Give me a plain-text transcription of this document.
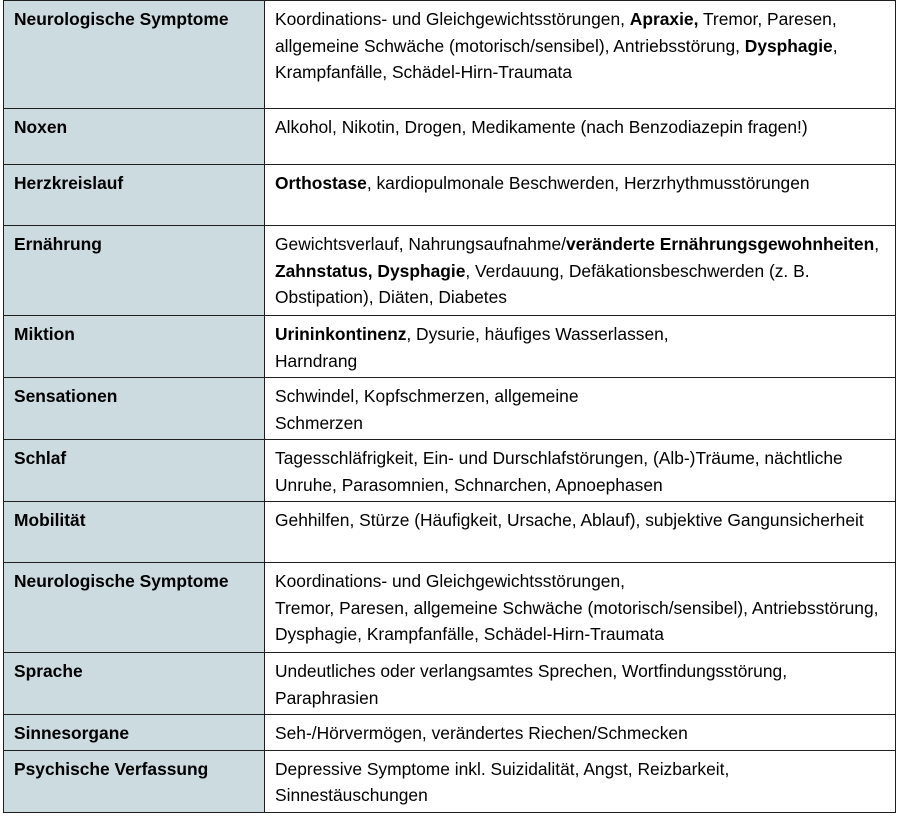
Neurologische Symptome	Koordinations- und Gleichgewichtsstörungen, Apraxie, Tremor, Paresen, allgemeine Schwäche (motorisch/sensibel), Antriebsstörung, Dysphagie, Krampfanfälle, Schädel-Hirn-Traumata
Noxen	Alkohol, Nikotin, Drogen, Medikamente (nach Benzodiazepin fragen!)
Herzkreislauf	Orthostase, kardiopulmonale Beschwerden, Herzrhythmusstörungen
Ernährung	Gewichtsverlauf, Nahrungsaufnahme/veränderte Ernährungsgewohnheiten, Zahnstatus, Dysphagie, Verdauung, Defäkationsbeschwerden (z. B. Obstipation), Diäten, Diabetes
Miktion	Urininkontinenz, Dysurie, häufiges Wasserlassen,
Harndrang
Sensationen	Schwindel, Kopfschmerzen, allgemeine
Schmerzen
Schlaf	Tagesschläfrigkeit, Ein- und Durschlafstörungen, (Alb-)Träume, nächtliche Unruhe, Parasomnien, Schnarchen, Apnoephasen
Mobilität	Gehhilfen, Stürze (Häufigkeit, Ursache, Ablauf), subjektive Gangunsicherheit
Neurologische Symptome	Koordinations- und Gleichgewichtsstörungen,
Tremor, Paresen, allgemeine Schwäche (motorisch/sensibel), Antriebsstörung, Dysphagie, Krampfanfälle, Schädel-Hirn-Traumata
Sprache	Undeutliches oder verlangsamtes Sprechen, Wortfindungsstörung, Paraphrasien
Sinnesorgane	Seh-/Hörvermögen, verändertes Riechen/Schmecken
Psychische Verfassung	Depressive Symptome inkl. Suizidalität, Angst, Reizbarkeit, Sinnestäuschungen
